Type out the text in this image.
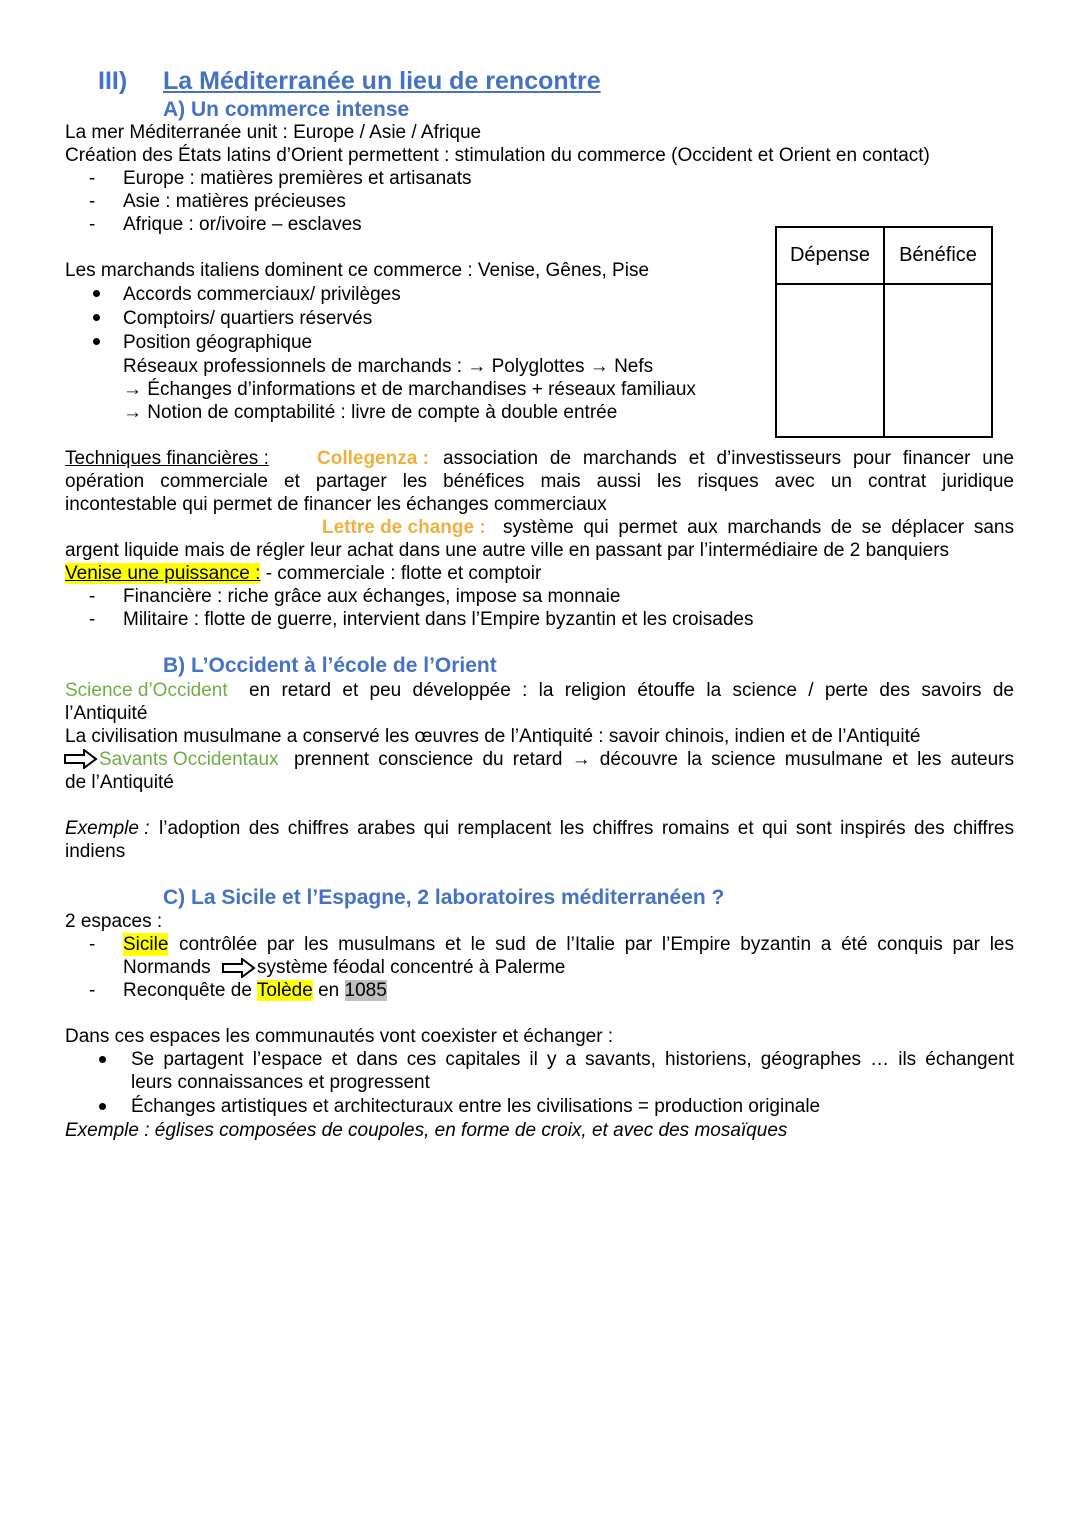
III) La Méditerranée un lieu de rencontre
A) Un commerce intense
La mer Méditerranée unit : Europe / Asie / Afrique
Création des États latins d’Orient permettent : stimulation du commerce (Occident et Orient en contact)
- Europe : matières premières et artisanats
- Asie : matières précieuses
- Afrique : or/ivoire – esclaves
Les marchands italiens dominent ce commerce : Venise, Gênes, Pise
Accords commerciaux/ privilèges
Comptoirs/ quartiers réservés
Position géographique
Réseaux professionnels de marchands : → Polyglottes → Nefs
→ Échanges d’informations et de marchandises + réseaux familiaux
→ Notion de comptabilité : livre de compte à double entrée
Dépense	Bénéfice

Techniques financières :	Collegenza : association de marchands et d’investisseurs pour financer une
opération commerciale et partager les bénéfices mais aussi les risques avec un contrat juridique
incontestable qui permet de financer les échanges commerciaux
Lettre de change : système qui permet aux marchands de se déplacer sans
argent liquide mais de régler leur achat dans une autre ville en passant par l’intermédiaire de 2 banquiers
Venise une puissance : - commerciale : flotte et comptoir
- Financière : riche grâce aux échanges, impose sa monnaie
- Militaire : flotte de guerre, intervient dans l’Empire byzantin et les croisades
B) L’Occident à l’école de l’Orient
Science d’Occident en retard et peu développée : la religion étouffe la science / perte des savoirs de
l’Antiquité
La civilisation musulmane a conservé les œuvres de l’Antiquité : savoir chinois, indien et de l’Antiquité
Savants Occidentaux prennent conscience du retard → découvre la science musulmane et les auteurs
de l’Antiquité
Exemple : l’adoption des chiffres arabes qui remplacent les chiffres romains et qui sont inspirés des chiffres
indiens
C) La Sicile et l’Espagne, 2 laboratoires méditerranéen ?
2 espaces :
- Sicile contrôlée par les musulmans et le sud de l’Italie par l’Empire byzantin a été conquis par les
Normands système féodal concentré à Palerme
- Reconquête de Tolède en 1085
Dans ces espaces les communautés vont coexister et échanger :
Se partagent l’espace et dans ces capitales il y a savants, historiens, géographes … ils échangent
leurs connaissances et progressent
Échanges artistiques et architecturaux entre les civilisations = production originale
Exemple : églises composées de coupoles, en forme de croix, et avec des mosaïques
